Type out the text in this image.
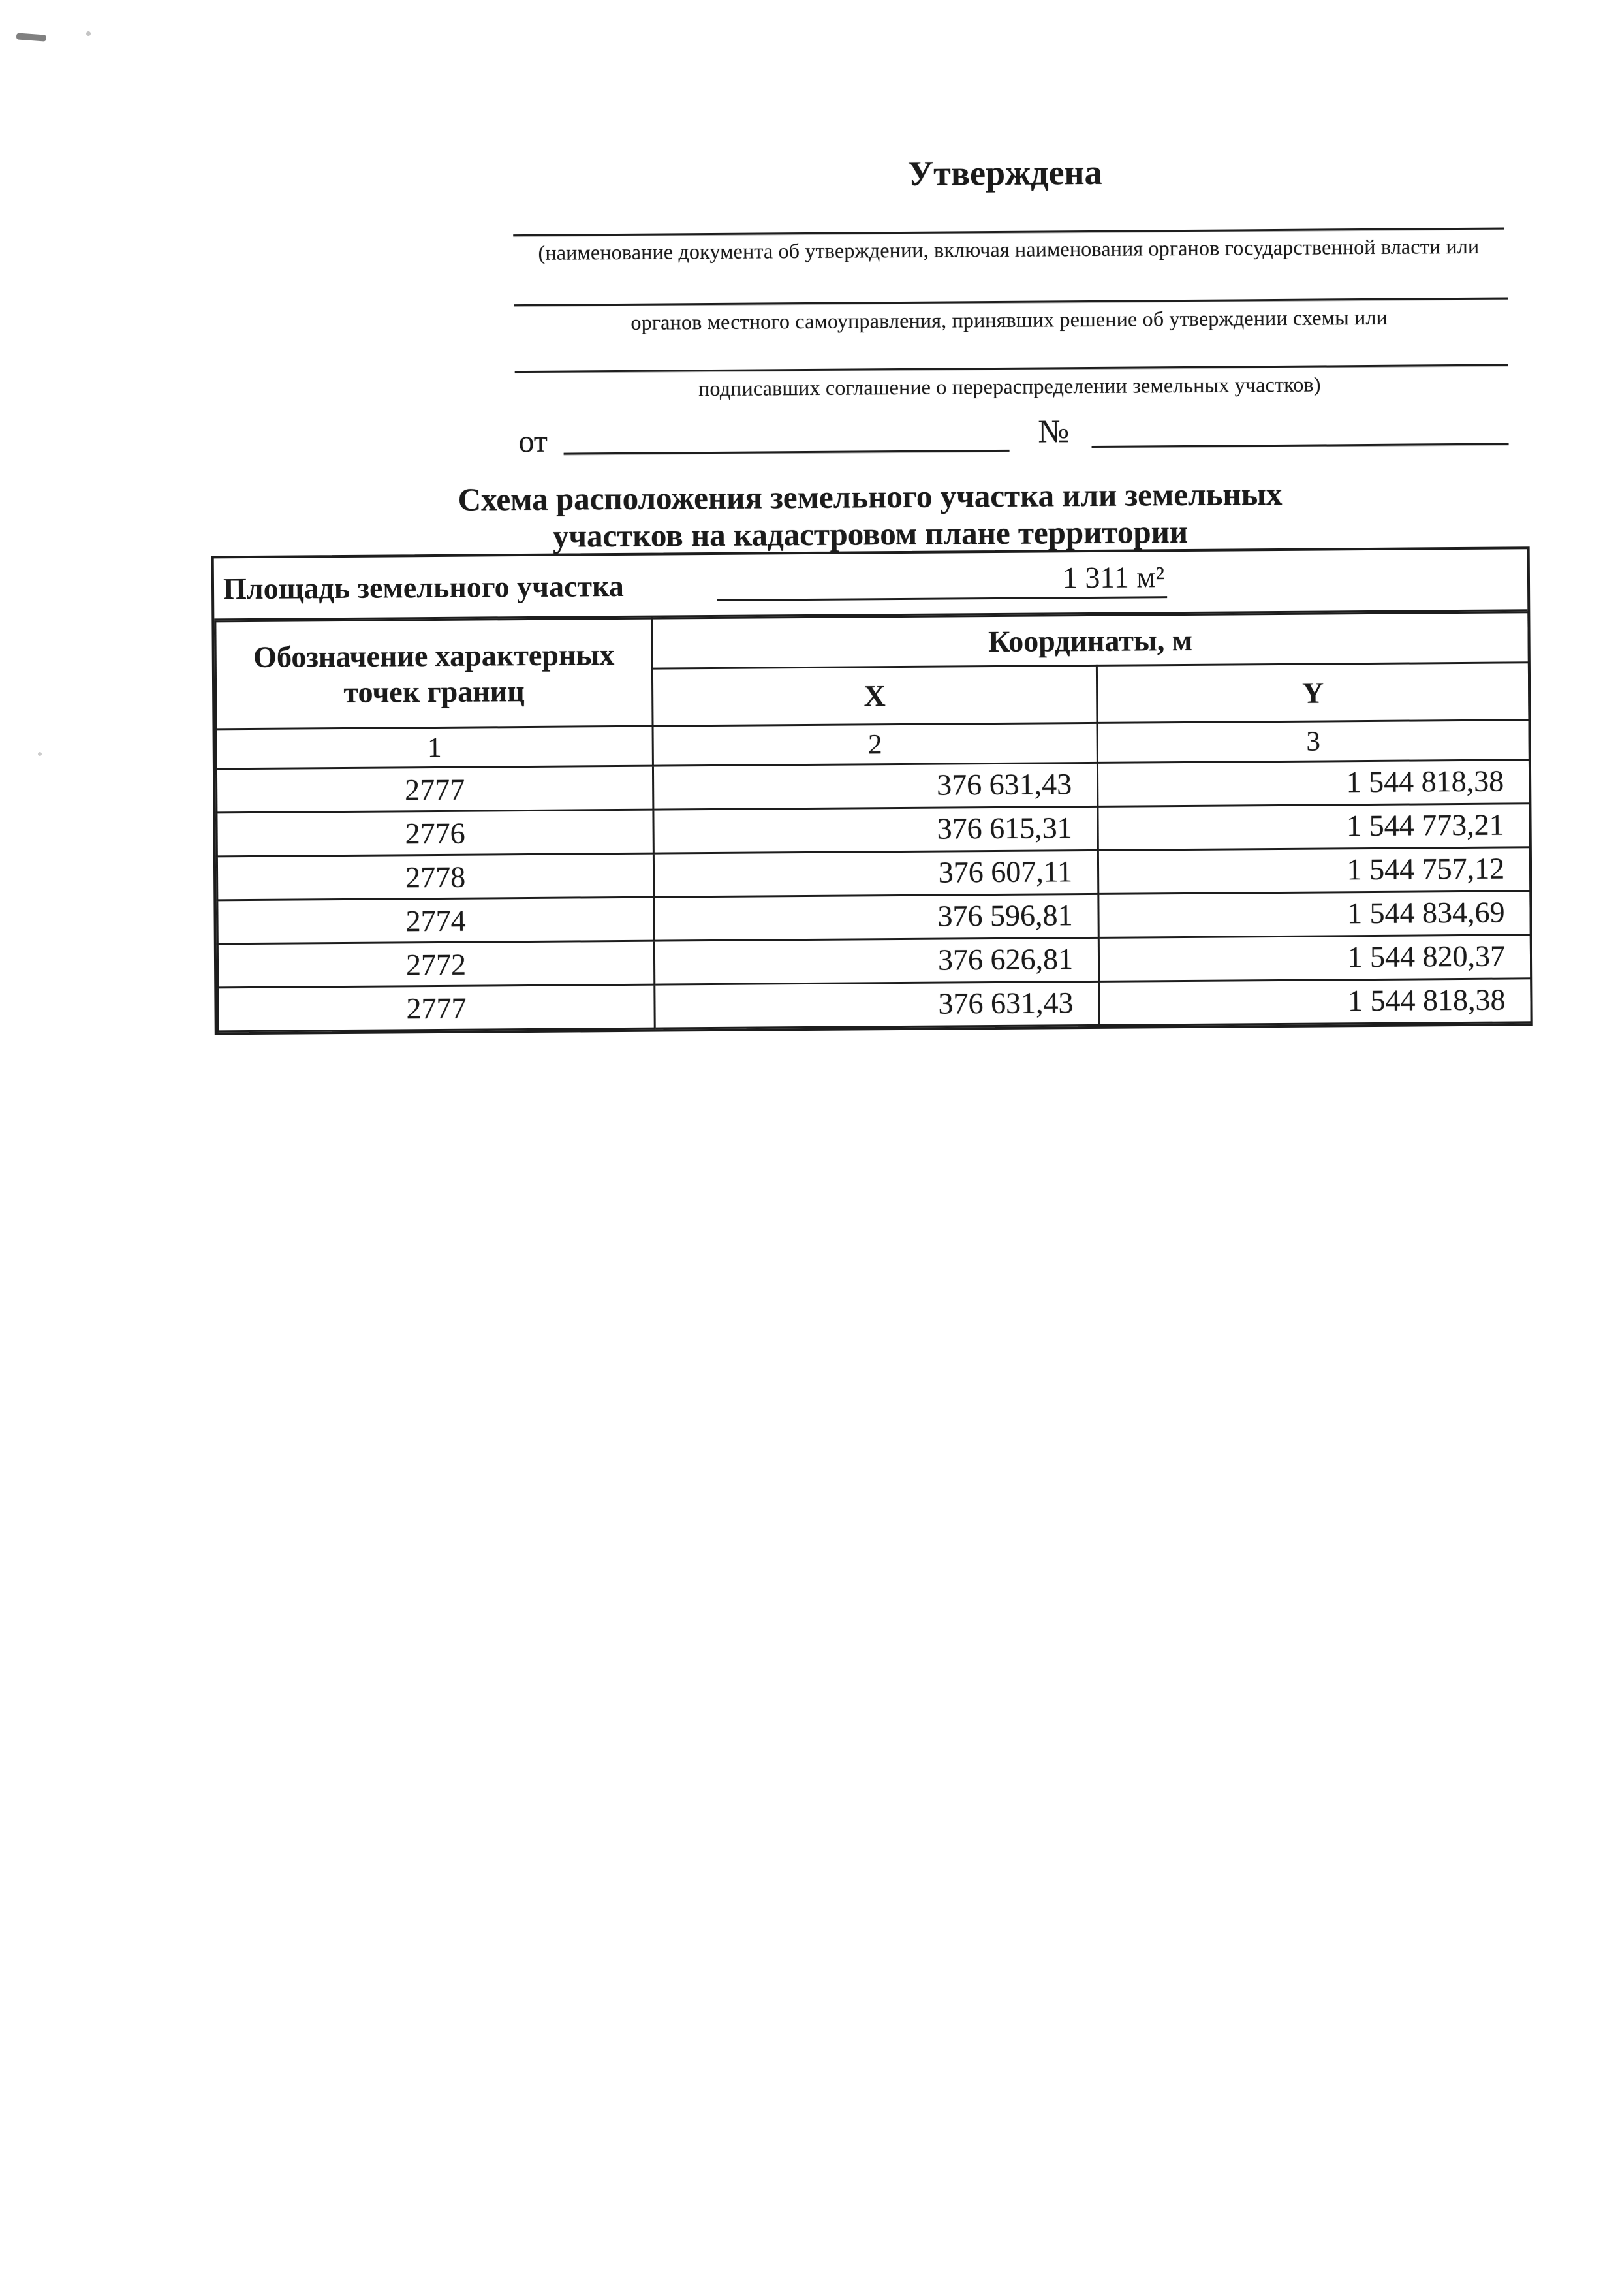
Утверждена
(наименование документа об утверждении, включая наименования органов государственной власти или
органов местного самоуправления, принявших решение об утверждении схемы или
подписавших соглашение о перераспределении земельных участков)
от	№
Схема расположения земельного участка или земельных
участков на кадастровом плане территории
Площадь земельного участка	1 311 м²
Обозначение характерных точек границ	Координаты, м	
	X	Y
1	2	3
2777	376 631,43	1 544 818,38
2776	376 615,31	1 544 773,21
2778	376 607,11	1 544 757,12
2774	376 596,81	1 544 834,69
2772	376 626,81	1 544 820,37
2777	376 631,43	1 544 818,38
